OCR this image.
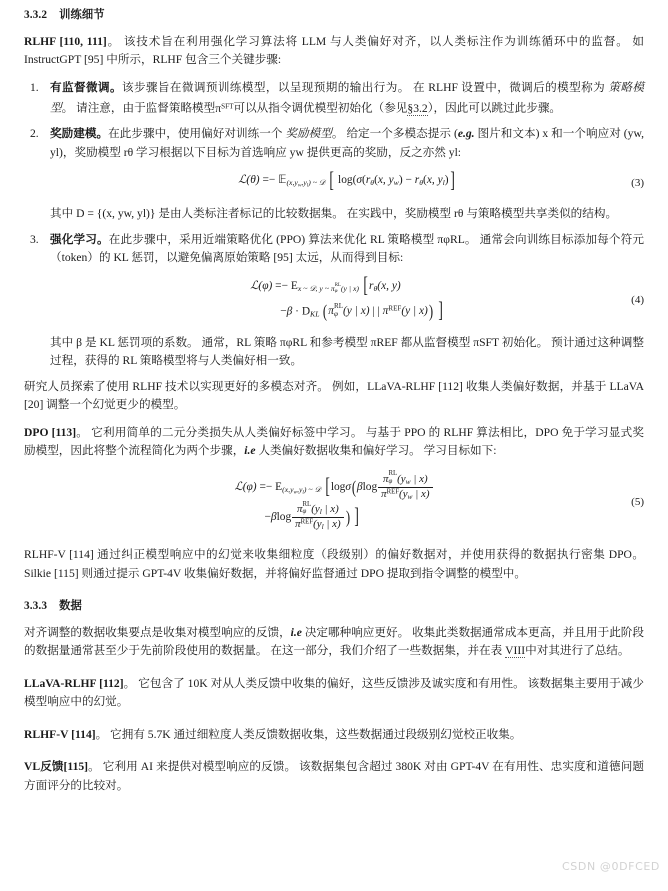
3.3.2 训练细节

RLHF [110, 111]。 该技术旨在利用强化学习算法将 LLM 与人类偏好对齐，以人类标注作为训练循环中的监督。 如 InstructGPT [95] 中所示，RLHF 包含三个关键步骤:

有监督微调。该步骤旨在微调预训练模型，以呈现预期的输出行为。 在 RLHF 设置中，微调后的模型称为 策略模型。 请注意，由于监督策略模型$\pi^{SFT}$可以从指令调优模型初始化（参见§3.2），因此可以跳过此步骤。
奖励建模。在此步骤中，使用偏好对训练一个 奖励模型。 给定一个多模态提示 (e.g. 图片和文本) x 和一个响应对 (yw, yl)，奖励模型 rθ 学习根据以下目标为首选响应 yw 提供更高的奖励，反之亦然 yl:
ℒ(θ) =− 𝔼$_{(x,y_w,y_l) \sim 𝒟}$ [ $\log(\sigma(r_\theta(x$, $y_w) - r_\theta(x$, $y_l$)]	(3)
其中 D = {(x, yw, yl)} 是由人类标注者标记的比较数据集。 在实践中，奖励模型 rθ 与策略模型共享类似的结构。
强化学习。在此步骤中，采用近端策略优化 (PPO) 算法来优化 RL 策略模型 πφRL。 通常会向训练目标添加每个符元（token）的 KL 惩罚，以避免偏离原始策略 [95] 太远，从而得到目标:
ℒ(φ) =− $E_{x \sim 𝒟, y \sim \pi RL \varphi (y | x)}$ [$r_\theta(x$, y)
$-\beta \cdot D_{KL}$ (π RL
φ (y | x) | | $\pi^{REF}(y$ | x)) ]	(4)
其中 β 是 KL 惩罚项的系数。 通常，RL 策略 πφRL 和参考模型 πREF 都从监督模型 πSFT 初始化。 预计通过这种调整过程，获得的 RL 策略模型将与人类偏好相一致。

研究人员探索了使用 RLHF 技术以实现更好的多模态对齐。 例如，LLaVA-RLHF [112] 收集人类偏好数据，并基于 LLaVA [20] 调整一个幻觉更少的模型。

DPO [113]。 它利用简单的二元分类损失从人类偏好标签中学习。 与基于 PPO 的 RLHF 算法相比，DPO 免于学习显式奖励模型，因此将整个流程简化为两个步骤，i.e 人类偏好数据收集和偏好学习。 学习目标如下:

ℒ(φ) =− $E_{(x,y_w,y_l) \sim 𝒟}$ [logσ(βlog π RL
φ ($y_w$ | x)
$\pi^{REF}(y_w$ | x)
−βlog π RL
φ ($y_l$ | x)
$\pi^{REF}(y_l$ | x) ) ]
(5)

RLHF-V [114] 通过纠正模型响应中的幻觉来收集细粒度（段级别）的偏好数据对，并使用获得的数据执行密集 DPO。 Silkie [115] 则通过提示 GPT-4V 收集偏好数据，并将偏好监督通过 DPO 提取到指令调整的模型中。

3.3.3 数据

对齐调整的数据收集要点是收集对模型响应的反馈，i.e 决定哪种响应更好。 收集此类数据通常成本更高，并且用于此阶段的数据量通常甚至少于先前阶段使用的数据量。 在这一部分，我们介绍了一些数据集，并在表 VIII中对其进行了总结。

LLaVA-RLHF [112]。 它包含了 10K 对从人类反馈中收集的偏好，这些反馈涉及诚实度和有用性。 该数据集主要用于减少模型响应中的幻觉。

RLHF-V [114]。 它拥有 5.7K 通过细粒度人类反馈数据收集，这些数据通过段级别幻觉校正收集。

VL反馈[115]。 它利用 AI 来提供对模型响应的反馈。 该数据集包含超过 380K 对由 GPT-4V 在有用性、忠实度和道德问题方面评分的比较对。

CSDN @0DFCED
